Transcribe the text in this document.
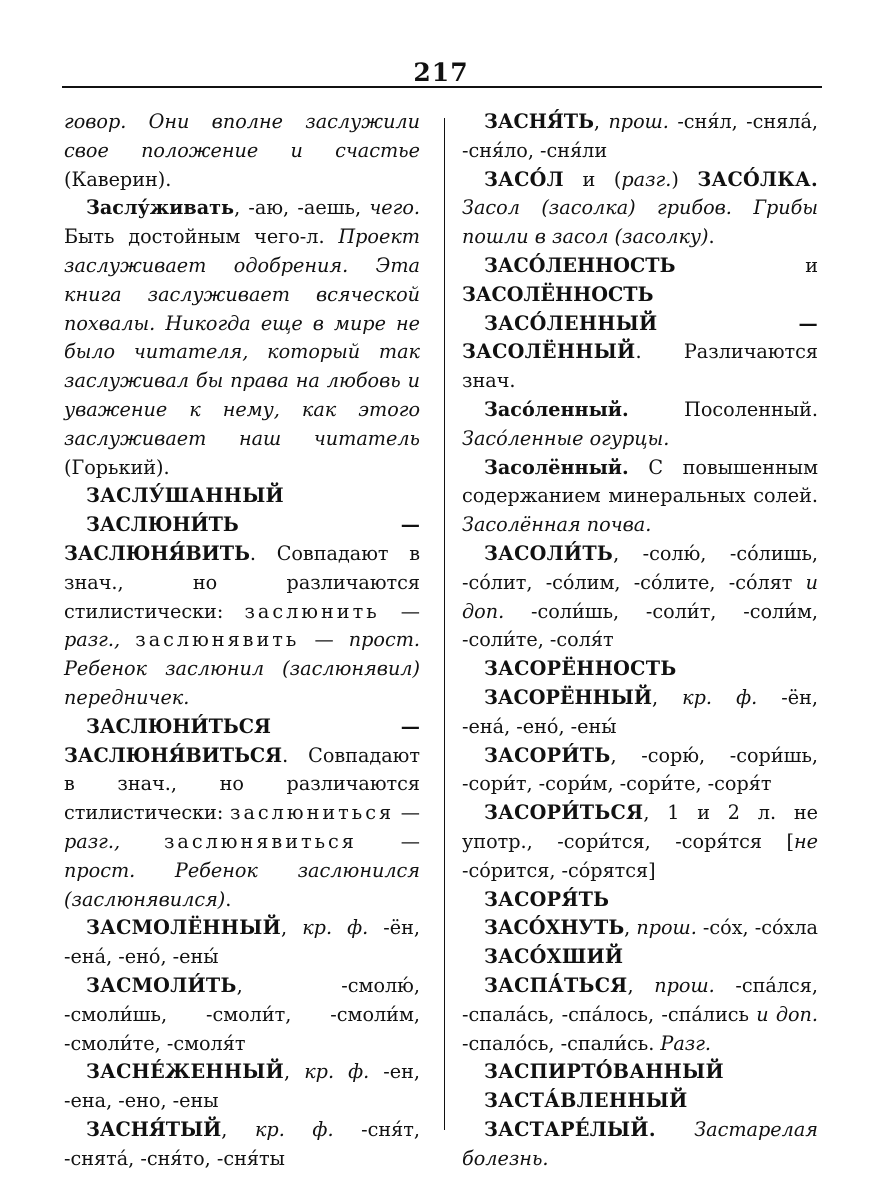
217

говор. Они вполне заслужили свое положение и счастье (Каверин).

Заслу́живать, -аю, -аешь, чего. Быть достойным чего-л. Проект заслуживает одобрения. Эта книга заслуживает всяческой похвалы. Никогда еще в мире не было читателя, который так заслуживал бы права на любовь и уважение к нему, как этого заслуживает наш читатель (Горький).

ЗАСЛУ́ШАННЫЙ

ЗАСЛЮНИ́ТЬ — ЗАСЛЮНЯ́ВИТЬ. Совпадают в знач., но различаются стилистически: заслюнить — разг., заслюнявить — прост. Ребенок заслюнил (заслюнявил) передничек.

ЗАСЛЮНИ́ТЬСЯ — ЗАСЛЮНЯ́ВИТЬСЯ. Совпадают в знач., но различаются стилистически: заслюниться — разг., заслюнявиться — прост. Ребенок заслюнился (заслюнявился).

ЗАСМОЛЁННЫЙ, кр. ф. -ён, -ена́, -ено́, -ены́

ЗАСМОЛИ́ТЬ, -смолю́, -смоли́шь, -смоли́т, -смоли́м, -смоли́те, -смоля́т

ЗАСНЕ́ЖЕННЫЙ, кр. ф. -ен, -ена, -ено, -ены

ЗАСНЯ́ТЫЙ, кр. ф. -сня́т, -снята́, -сня́то, -сня́ты

ЗАСНЯ́ТЬ, прош. -сня́л, -сняла́, -сня́ло, -сня́ли

ЗАСО́Л и (разг.) ЗАСО́ЛКА. Засол (засолка) грибов. Грибы пошли в засол (засолку).

ЗАСО́ЛЕННОСТЬ и ЗАСОЛЁННОСТЬ

ЗАСО́ЛЕННЫЙ — ЗАСОЛЁННЫЙ. Различаются знач.

Засо́ленный. Посоленный. Засо́ленные огурцы.

Засолённый. С повышенным содержанием минеральных солей. Засолённая почва.

ЗАСОЛИ́ТЬ, -солю́, -со́лишь, -со́лит, -со́лим, -со́лите, -со́лят и доп. -соли́шь, -соли́т, -соли́м, -соли́те, -соля́т

ЗАСОРЁННОСТЬ

ЗАСОРЁННЫЙ, кр. ф. -ён, -ена́, -ено́, -ены́

ЗАСОРИ́ТЬ, -сорю́, -сори́шь, -сори́т, -сори́м, -сори́те, -соря́т

ЗАСОРИ́ТЬСЯ, 1 и 2 л. не употр., -сори́тся, -соря́тся [не -со́рится, -со́рятся]

ЗАСОРЯ́ТЬ

ЗАСО́ХНУТЬ, прош. -со́х, -со́хла

ЗАСО́ХШИЙ

ЗАСПА́ТЬСЯ, прош. -спа́лся, -спала́сь, -спа́лось, -спа́лись и доп. -спало́сь, -спали́сь. Разг.

ЗАСПИРТО́ВАННЫЙ

ЗАСТА́ВЛЕННЫЙ

ЗАСТАРЕ́ЛЫЙ. Застарелая болезнь.
